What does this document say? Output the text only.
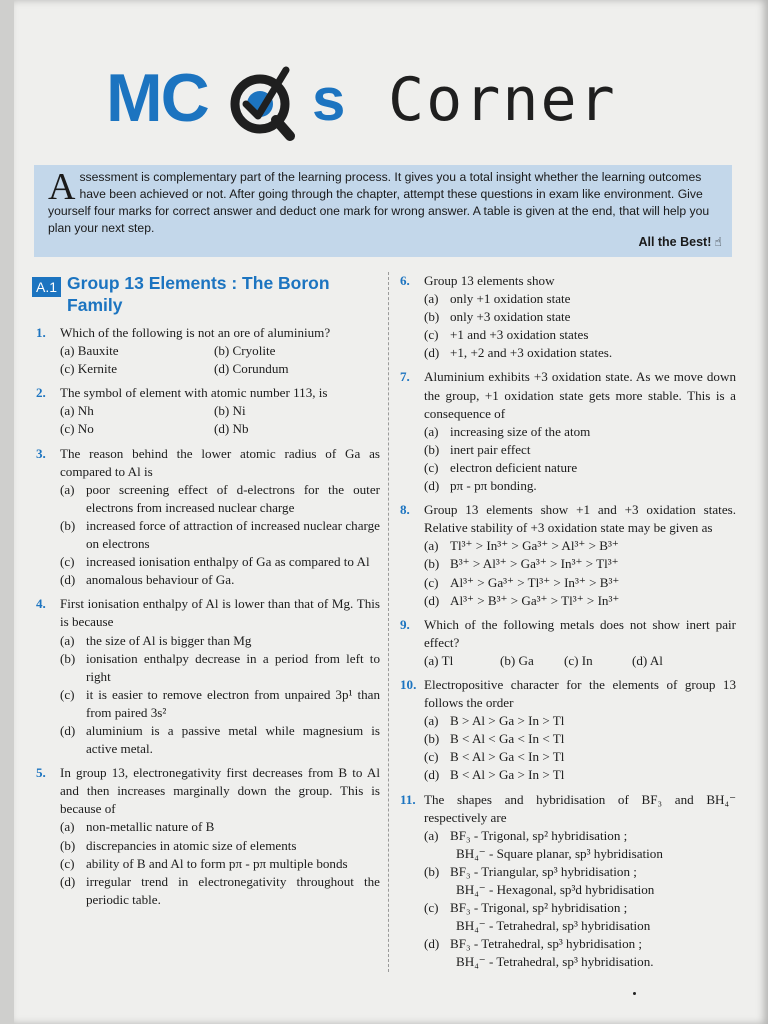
MC s Corner
A ssessment is complementary part of the learning process. It gives you a total insight whether the learning outcomes have been achieved or not. After going through the chapter, attempt these questions in exam like environment. Give yourself four marks for correct answer and deduct one mark for wrong answer. A table is given at the end, that will help you plan your next step.
All the Best! ☝
A.1 Group 13 Elements : The Boron Family
1.	Which of the following is not an ore of aluminium?
(a) Bauxite	(b) Cryolite
(c) Kernite	(d) Corundum
2.	The symbol of element with atomic number 113, is
(a) Nh	(b) Ni
(c) No	(d) Nb
3.	The reason behind the lower atomic radius of Ga as compared to Al is
(a) poor screening effect of d-electrons for the outer electrons from increased nuclear charge
(b) increased force of attraction of increased nuclear charge on electrons
(c) increased ionisation enthalpy of Ga as compared to Al
(d) anomalous behaviour of Ga.
4.	First ionisation enthalpy of Al is lower than that of Mg. This is because
(a) the size of Al is bigger than Mg
(b) ionisation enthalpy decrease in a period from left to right
(c) it is easier to remove electron from unpaired 3p¹ than from paired 3s²
(d) aluminium is a passive metal while magnesium is active metal.
5.	In group 13, electronegativity first decreases from B to Al and then increases marginally down the group. This is because of
(a) non-metallic nature of B
(b) discrepancies in atomic size of elements
(c) ability of B and Al to form pπ - pπ multiple bonds
(d) irregular trend in electronegativity throughout the periodic table.
6.	Group 13 elements show
(a) only +1 oxidation state
(b) only +3 oxidation state
(c) +1 and +3 oxidation states
(d) +1, +2 and +3 oxidation states.
7.	Aluminium exhibits +3 oxidation state. As we move down the group, +1 oxidation state gets more stable. This is a consequence of
(a) increasing size of the atom
(b) inert pair effect
(c) electron deficient nature
(d) pπ - pπ bonding.
8.	Group 13 elements show +1 and +3 oxidation states. Relative stability of +3 oxidation state may be given as
(a) Tl³⁺ > In³⁺ > Ga³⁺ > Al³⁺ > B³⁺
(b) B³⁺ > Al³⁺ > Ga³⁺ > In³⁺ > Tl³⁺
(c) Al³⁺ > Ga³⁺ > Tl³⁺ > In³⁺ > B³⁺
(d) Al³⁺ > B³⁺ > Ga³⁺ > Tl³⁺ > In³⁺
9.	Which of the following metals does not show inert pair effect?
(a) Tl	(b) Ga	(c) In	(d) Al
10. Electropositive character for the elements of group 13 follows the order
(a) B > Al > Ga > In > Tl
(b) B < Al < Ga < In < Tl
(c) B < Al > Ga < In > Tl
(d) B < Al > Ga > In > Tl
11. The shapes and hybridisation of BF₃ and BH₄⁻ respectively are
(a) BF₃ - Trigonal, sp² hybridisation ;
BH₄⁻ - Square planar, sp³ hybridisation
(b) BF₃ - Triangular, sp³ hybridisation ;
BH₄⁻ - Hexagonal, sp³d hybridisation
(c) BF₃ - Trigonal, sp² hybridisation ;
BH₄⁻ - Tetrahedral, sp³ hybridisation
(d) BF₃ - Tetrahedral, sp³ hybridisation ;
BH₄⁻ - Tetrahedral, sp³ hybridisation.
